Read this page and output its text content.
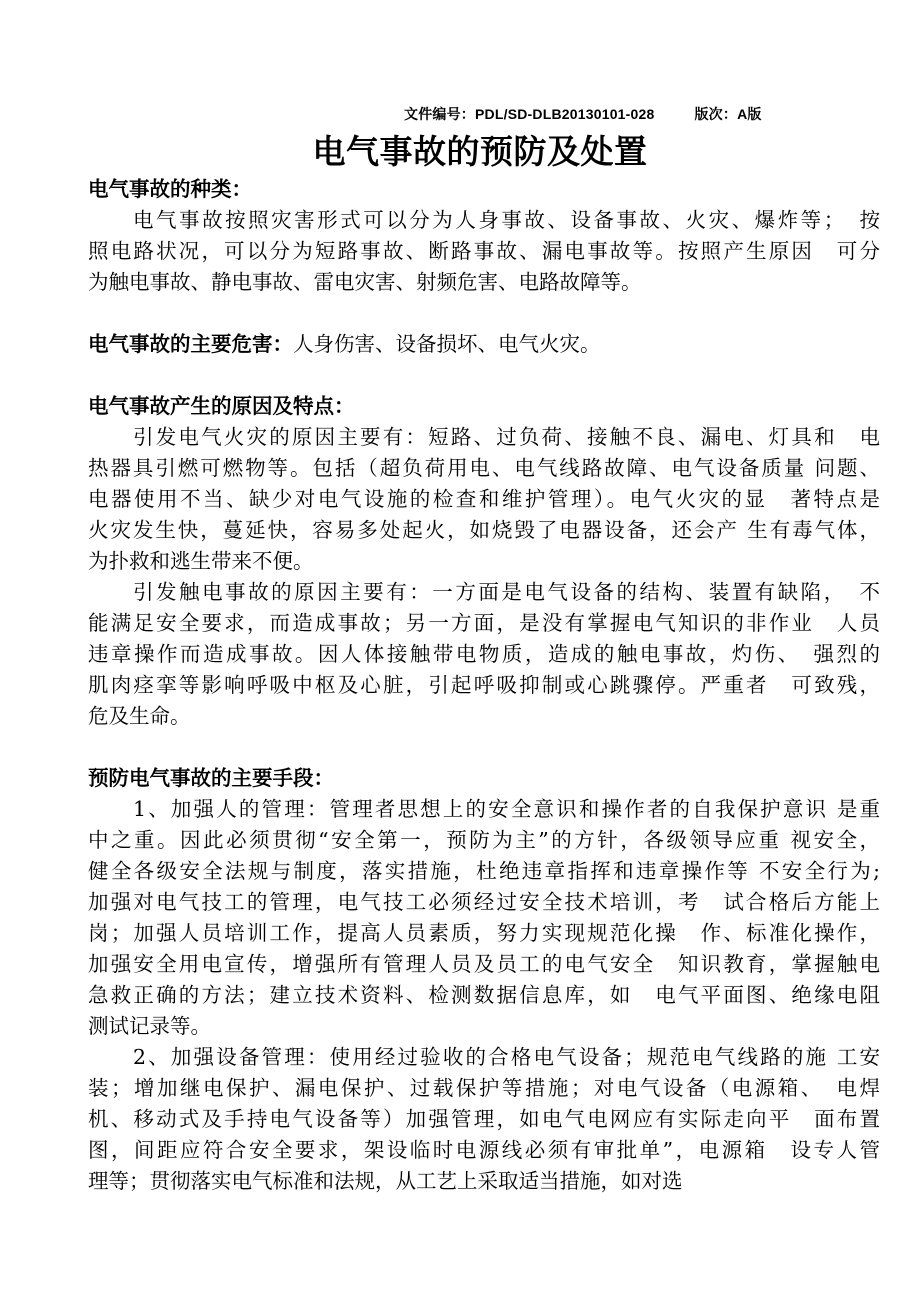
文件编号：PDL/SD-DLB20130101-028	版次：A版
电气事故的预防及处置
电气事故的种类：
电气事故按照灾害形式可以分为人身事故、设备事故、火灾、爆炸等；　按
照电路状况，可以分为短路事故、断路事故、漏电事故等。按照产生原因　可分
为触电事故、静电事故、雷电灾害、射频危害、电路故障等。
电气事故的主要危害：人身伤害、设备损坏、电气火灾。
电气事故产生的原因及特点：
引发电气火灾的原因主要有：短路、过负荷、接触不良、漏电、灯具和　电
热器具引燃可燃物等。包括（超负荷用电、电气线路故障、电气设备质量 问题、
电器使用不当、缺少对电气设施的检查和维护管理）。电气火灾的显　著特点是
火灾发生快，蔓延快，容易多处起火，如烧毁了电器设备，还会产 生有毒气体，
为扑救和逃生带来不便。
引发触电事故的原因主要有：一方面是电气设备的结构、装置有缺陷，　不
能满足安全要求，而造成事故；另一方面，是没有掌握电气知识的非作业　人员
违章操作而造成事故。因人体接触带电物质，造成的触电事故，灼伤、　强烈的
肌肉痉挛等影响呼吸中枢及心脏，引起呼吸抑制或心跳骤停。严重者　可致残，
危及生命。
预防电气事故的主要手段：
1、加强人的管理：管理者思想上的安全意识和操作者的自我保护意识 是重
中之重。因此必须贯彻“安全第一，预防为主”的方针，各级领导应重 视安全，
健全各级安全法规与制度，落实措施，杜绝违章指挥和违章操作等 不安全行为;
加强对电气技工的管理，电气技工必须经过安全技术培训，考　试合格后方能上
岗；加强人员培训工作，提高人员素质，努力实现规范化操　作、标准化操作，
加强安全用电宣传，增强所有管理人员及员工的电气安全　知识教育，掌握触电
急救正确的方法；建立技术资料、检测数据信息库，如　电气平面图、绝缘电阻
测试记录等。
2、加强设备管理：使用经过验收的合格电气设备；规范电气线路的施 工安
装；增加继电保护、漏电保护、过载保护等措施；对电气设备（电源箱、　电焊
机、移动式及手持电气设备等）加强管理，如电气电网应有实际走向平　面布置
图，间距应符合安全要求，架设临时电源线必须有审批单”，电源箱　设专人管
理等；贯彻落实电气标准和法规，从工艺上采取适当措施，如对选
